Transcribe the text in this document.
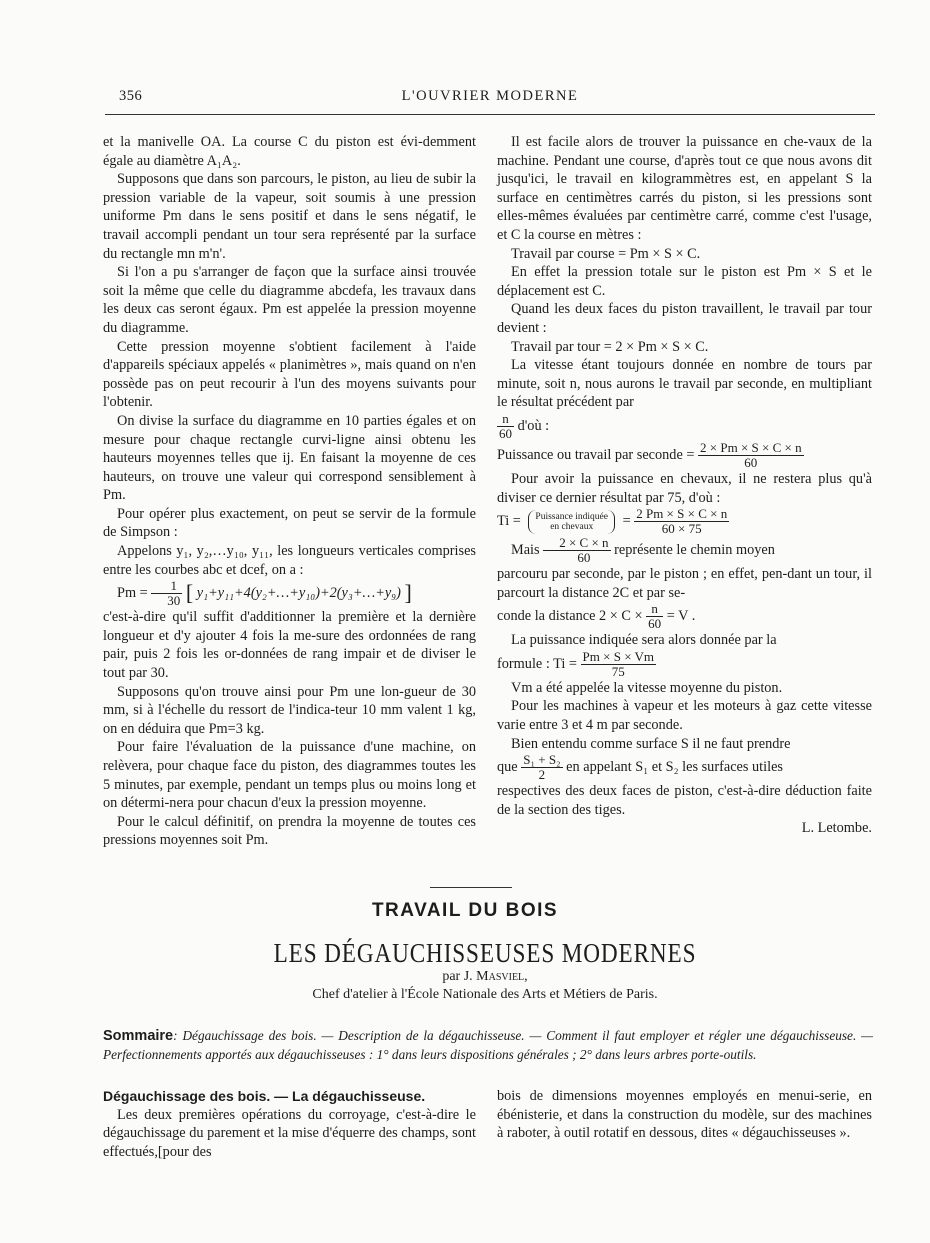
356	L'OUVRIER MODERNE

et la manivelle OA. La course C du piston est évi-demment égale au diamètre A₁A₂.

Supposons que dans son parcours, le piston, au lieu de subir la pression variable de la vapeur, soit soumis à une pression uniforme Pm dans le sens positif et dans le sens négatif, le travail accompli pendant un tour sera représenté par la surface du rectangle mn m'n'.

Si l'on a pu s'arranger de façon que la surface ainsi trouvée soit la même que celle du diagramme abcdefa, les travaux dans les deux cas seront égaux. Pm est appelée la pression moyenne du diagramme.

Cette pression moyenne s'obtient facilement à l'aide d'appareils spéciaux appelés « planimètres », mais quand on n'en possède pas on peut recourir à l'un des moyens suivants pour l'obtenir.

On divise la surface du diagramme en 10 parties égales et on mesure pour chaque rectangle curvi-ligne ainsi obtenu les hauteurs moyennes telles que ij. En faisant la moyenne de ces hauteurs, on trouve une valeur qui correspond sensiblement à Pm.

Pour opérer plus exactement, on peut se servir de la formule de Simpson :

Appelons y₁, y₂,…y₁₀, y₁₁, les longueurs verticales comprises entre les courbes abc et dcef, on a :

$Pm = \frac{1}{30}$ [ y₁+y₁₁+4(y₂+…+y₁₀)+2(y₃+…+y₉) ]

c'est-à-dire qu'il suffit d'additionner la première et la dernière longueur et d'y ajouter 4 fois la me-sure des ordonnées de rang pair, puis 2 fois les or-données de rang impair et de diviser le tout par 30.

Supposons qu'on trouve ainsi pour Pm une lon-gueur de 30 mm, si à l'échelle du ressort de l'indica-teur 10 mm valent 1 kg, on en déduira que Pm=3 kg.

Pour faire l'évaluation de la puissance d'une machine, on relèvera, pour chaque face du piston, des diagrammes toutes les 5 minutes, par exemple, pendant un temps plus ou moins long et on détermi-nera pour chacun d'eux la pression moyenne.

Pour le calcul définitif, on prendra la moyenne de toutes ces pressions moyennes soit Pm.

Il est facile alors de trouver la puissance en che-vaux de la machine. Pendant une course, d'après tout ce que nous avons dit jusqu'ici, le travail en kilogrammètres est, en appelant S la surface en centimètres carrés du piston, si les pressions sont elles-mêmes évaluées par centimètre carré, comme c'est l'usage, et C la course en mètres :

Travail par course = Pm × S × C.

En effet la pression totale sur le piston est Pm × S et le déplacement est C.

Quand les deux faces du piston travaillent, le travail par tour devient :

Travail par tour = 2 × Pm × S × C.

La vitesse étant toujours donnée en nombre de tours par minute, soit n, nous aurons le travail par seconde, en multipliant le résultat précédent par

$\frac{n}{60}$ d'où :

Puissance ou travail par seconde = $\frac{2 \times Pm \times S \times C \times n}{60}$

Pour avoir la puissance en chevaux, il ne restera plus qu'à diviser ce dernier résultat par 75, d'où :

Ti = Puissance indiquée
en chevaux = $\frac{2 Pm \times S \times C \times n}{60 \times 75}$

Mais $\frac{2 \times C \times n}{60}$ représente le chemin moyen

parcouru par seconde, par le piston ; en effet, pen-dant un tour, il parcourt la distance 2C et par se-

conde la distance $2 \times C \times \frac{n}{60} = V$ .

La puissance indiquée sera alors donnée par la

formule : $Ti = \frac{Pm \times S \times Vm}{75}$

Vm a été appelée la vitesse moyenne du piston.

Pour les machines à vapeur et les moteurs à gaz cette vitesse varie entre 3 et 4 m par seconde.

Bien entendu comme surface S il ne faut prendre

que $\frac{\text{S₁ + S₂}}{2}$ en appelant S₁ et S₂ les surfaces utiles

respectives des deux faces de piston, c'est-à-dire déduction faite de la section des tiges.

L. Letombe.

TRAVAIL DU BOIS
LES DÉGAUCHISSEUSES MODERNES
par J. Masviel,
Chef d'atelier à l'École Nationale des Arts et Métiers de Paris.
Sommaire: Dégauchissage des bois. — Description de la dégauchisseuse. — Comment il faut employer et régler une dégauchisseuse. — Perfectionnements apportés aux dégauchisseuses : 1° dans leurs dispositions générales ; 2° dans leurs arbres porte-outils.

Dégauchissage des bois. — La dégauchisseuse.

Les deux premières opérations du corroyage, c'est-à-dire le dégauchissage du parement et la mise d'équerre des champs, sont effectués,[pour des

bois de dimensions moyennes employés en menui-serie, en ébénisterie, et dans la construction du modèle, sur des machines à raboter, à outil rotatif en dessous, dites « dégauchisseuses ».
